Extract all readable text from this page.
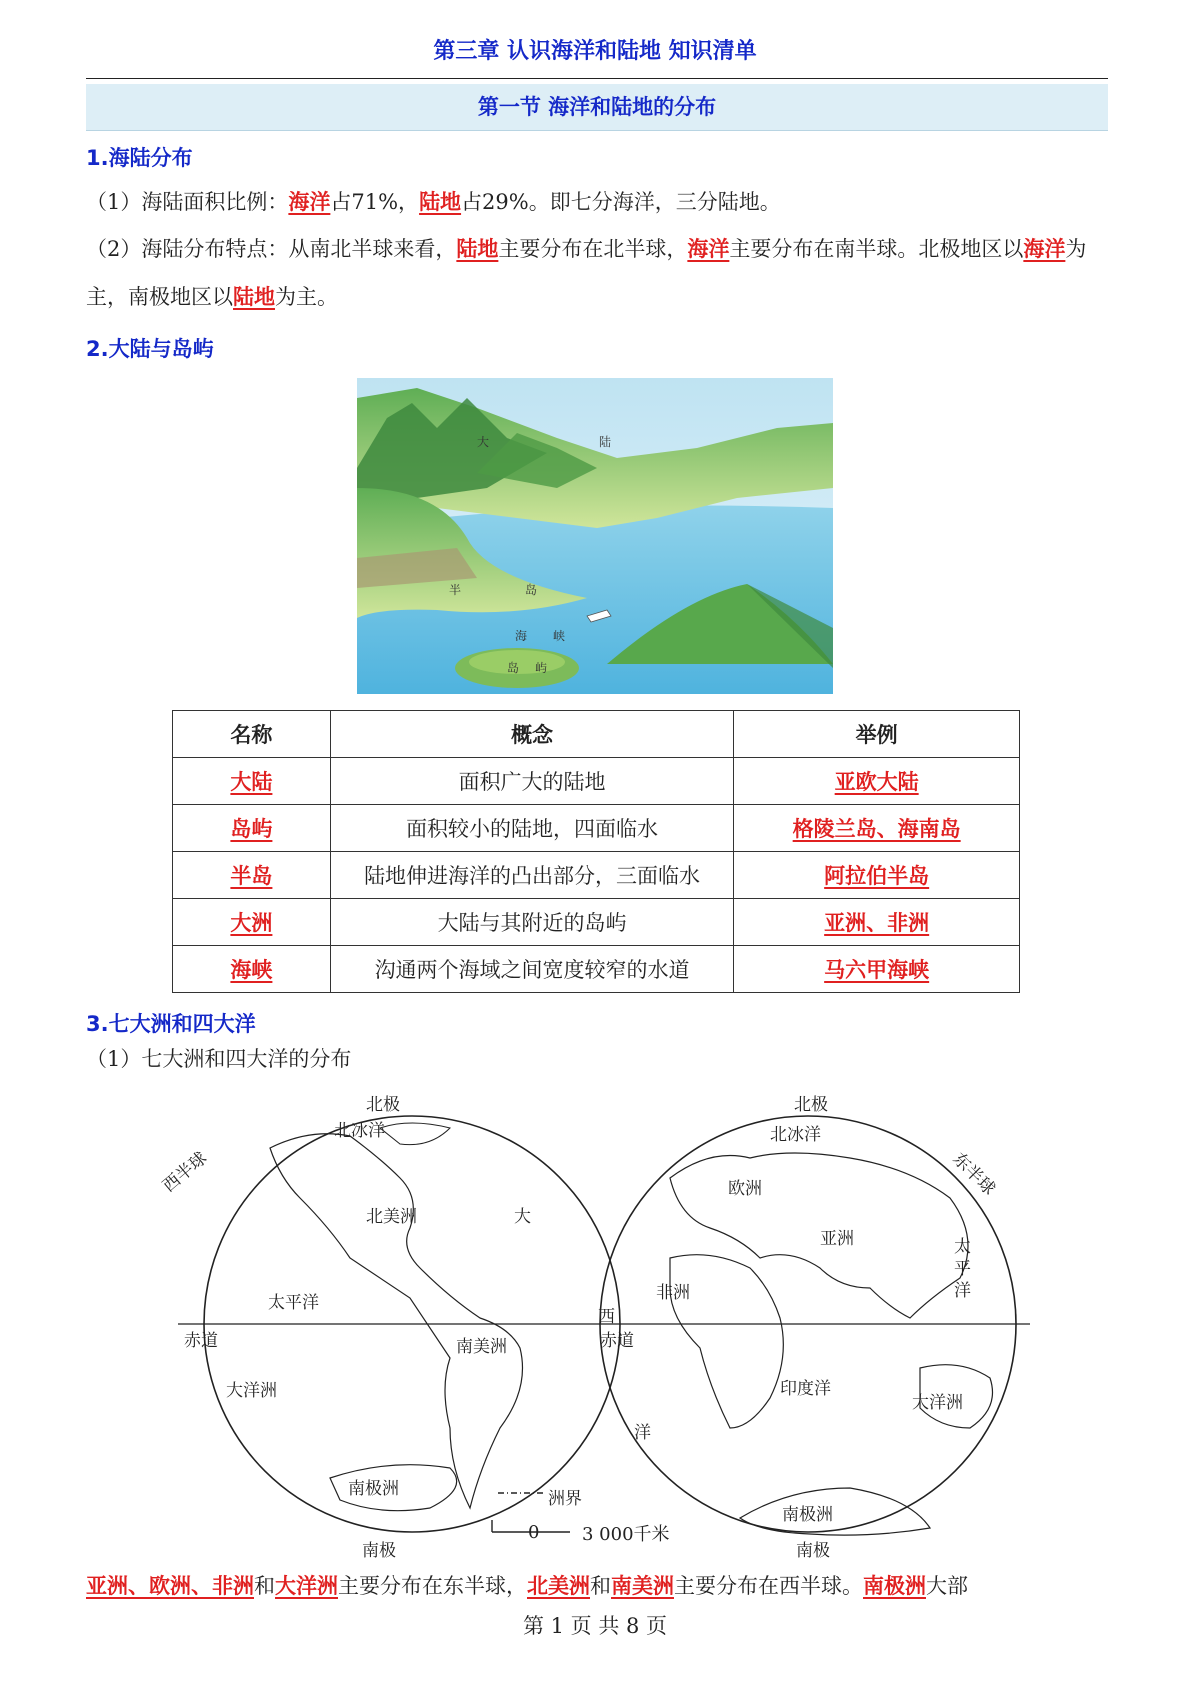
第三章 认识海洋和陆地 知识清单
第一节 海洋和陆地的分布
1.海陆分布
（1）海陆面积比例：海洋占71%，陆地占29%。即七分海洋，三分陆地。
（2）海陆分布特点：从南北半球来看，陆地主要分布在北半球，海洋主要分布在南半球。北极地区以海洋为主，南极地区以陆地为主。
2.大陆与岛屿
大	陆
半	岛
海 峡
岛 屿
名称	概念	举例
大陆	面积广大的陆地	亚欧大陆
岛屿	面积较小的陆地，四面临水	格陵兰岛、海南岛
半岛	陆地伸进海洋的凸出部分，三面临水	阿拉伯半岛
大洲	大陆与其附近的岛屿	亚洲、非洲
海峡	沟通两个海域之间宽度较窄的水道	马六甲海峡
3.七大洲和四大洋
（1）七大洲和四大洋的分布
西半球
北极
北冰洋
北美洲	大
太平洋
赤道	南美洲
大洋洲
南极洲
南极
东半球
北极
北冰洋
欧洲
亚洲	太
平
洋
非洲
西
赤道
洋
印度洋
大洋洲
南极洲
南极
洲界
0 3 000千米
亚洲、欧洲、非洲和大洋洲主要分布在东半球，北美洲和南美洲主要分布在西半球。南极洲大部
第 1 页 共 8 页
